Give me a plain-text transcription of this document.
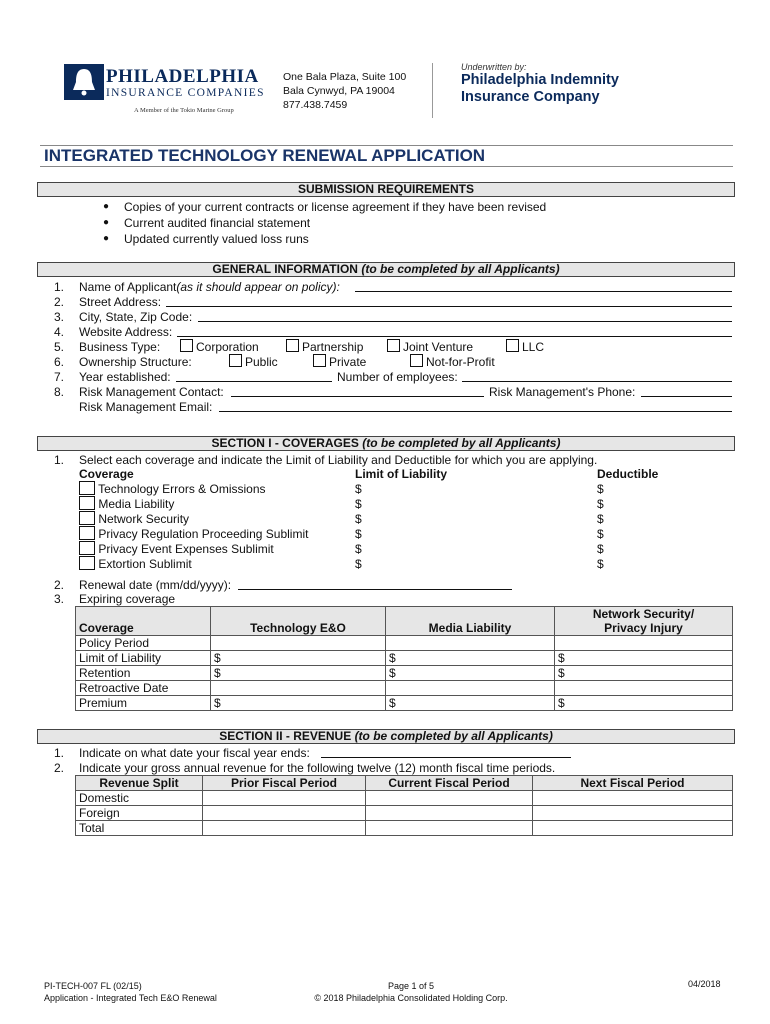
PHILADELPHIA
INSURANCE COMPANIES
A Member of the Tokio Marine Group
One Bala Plaza, Suite 100
Bala Cynwyd, PA 19004
877.438.7459
Underwritten by:
Philadelphia Indemnity
Insurance Company
INTEGRATED TECHNOLOGY RENEWAL APPLICATION
SUBMISSION REQUIREMENTS
● Copies of your current contracts or license agreement if they have been revised
● Current audited financial statement
● Updated currently valued loss runs
GENERAL INFORMATION (to be completed by all Applicants)
1. Name of Applicant(as it should appear on policy):
2. Street Address:
3. City, State, Zip Code:
4. Website Address:
5. Business Type:	Corporation	Partnership	Joint Venture	LLC
6. Ownership Structure:	Public	Private	Not-for-Profit
7. Year established:	Number of employees:
8. Risk Management Contact:	Risk Management's Phone:
Risk Management Email:
SECTION I - COVERAGES (to be completed by all Applicants)
1. Select each coverage and indicate the Limit of Liability and Deductible for which you are applying.
Coverage	Limit of Liability	Deductible
Technology Errors & Omissions	$	$
Media Liability	$	$
Network Security	$	$
Privacy Regulation Proceeding Sublimit	$	$
Privacy Event Expenses Sublimit	$	$
Extortion Sublimit	$	$
2. Renewal date (mm/dd/yyyy):
3. Expiring coverage
Coverage	Technology E&O	Media Liability	Network Security/
Privacy Injury

Policy Period			
Limit of Liability	$	$	$
Retention	$	$	$
Retroactive Date			
Premium	$	$	$
SECTION II - REVENUE (to be completed by all Applicants)
1. Indicate on what date your fiscal year ends:
2. Indicate your gross annual revenue for the following twelve (12) month fiscal time periods.
Revenue Split	Prior Fiscal Period	Current Fiscal Period	Next Fiscal Period
Domestic			
Foreign			
Total			
PI-TECH-007 FL (02/15)
Application - Integrated Tech E&O Renewal
Page 1 of 5
© 2018 Philadelphia Consolidated Holding Corp.
04/2018
